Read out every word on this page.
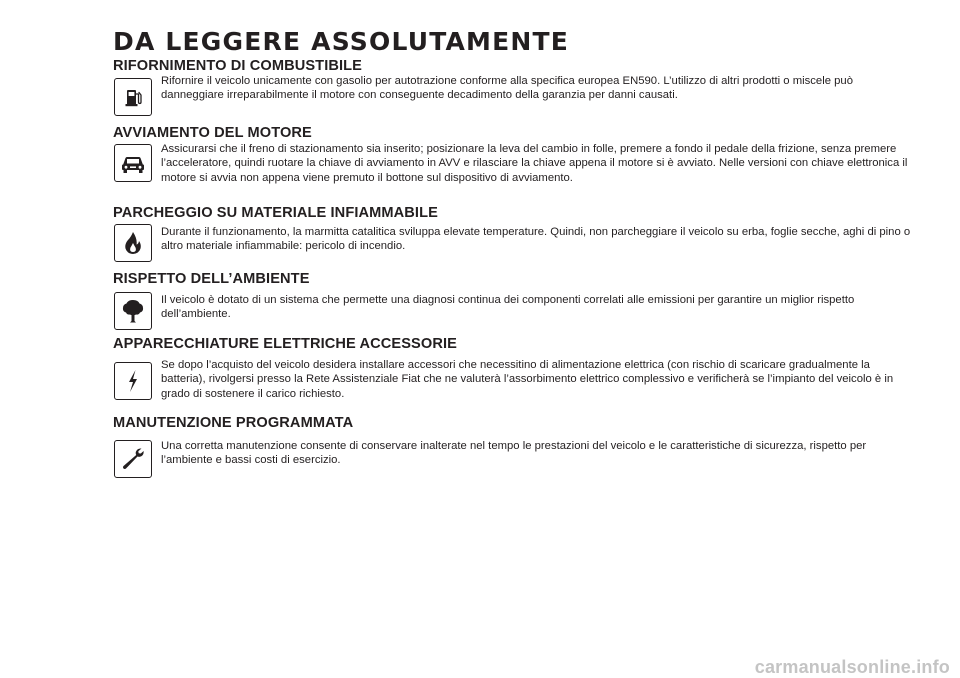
DA LEGGERE ASSOLUTAMENTE
RIFORNIMENTO DI COMBUSTIBILE

Rifornire il veicolo unicamente con gasolio per autotrazione conforme alla specifica europea EN590. L’utilizzo di altri prodotti o miscele può danneggiare irreparabilmente il motore con conseguente decadimento della garanzia per danni causati.

AVVIAMENTO DEL MOTORE

Assicurarsi che il freno di stazionamento sia inserito; posizionare la leva del cambio in folle, premere a fondo il pedale della frizione, senza premere l’acceleratore, quindi ruotare la chiave di avviamento in AVV e rilasciare la chiave appena il motore si è avviato. Nelle versioni con chiave elettronica il motore si avvia non appena viene premuto il bottone sul dispositivo di avviamento.

PARCHEGGIO SU MATERIALE INFIAMMABILE

Durante il funzionamento, la marmitta catalitica sviluppa elevate temperature. Quindi, non parcheggiare il veicolo su erba, foglie secche, aghi di pino o altro materiale infiammabile: pericolo di incendio.

RISPETTO DELL’AMBIENTE

Il veicolo è dotato di un sistema che permette una diagnosi continua dei componenti correlati alle emissioni per garantire un miglior rispetto dell’ambiente.

APPARECCHIATURE ELETTRICHE ACCESSORIE

Se dopo l’acquisto del veicolo desidera installare accessori che necessitino di alimentazione elettrica (con rischio di scaricare gradualmente la batteria), rivolgersi presso la Rete Assistenziale Fiat che ne valuterà l’assorbimento elettrico complessivo e verificherà se l’impianto del veicolo è in grado di sostenere il carico richiesto.

MANUTENZIONE PROGRAMMATA

Una corretta manutenzione consente di conservare inalterate nel tempo le prestazioni del veicolo e le caratteristiche di sicurezza, rispetto per l’ambiente e bassi costi di esercizio.

carmanualsonline.info
